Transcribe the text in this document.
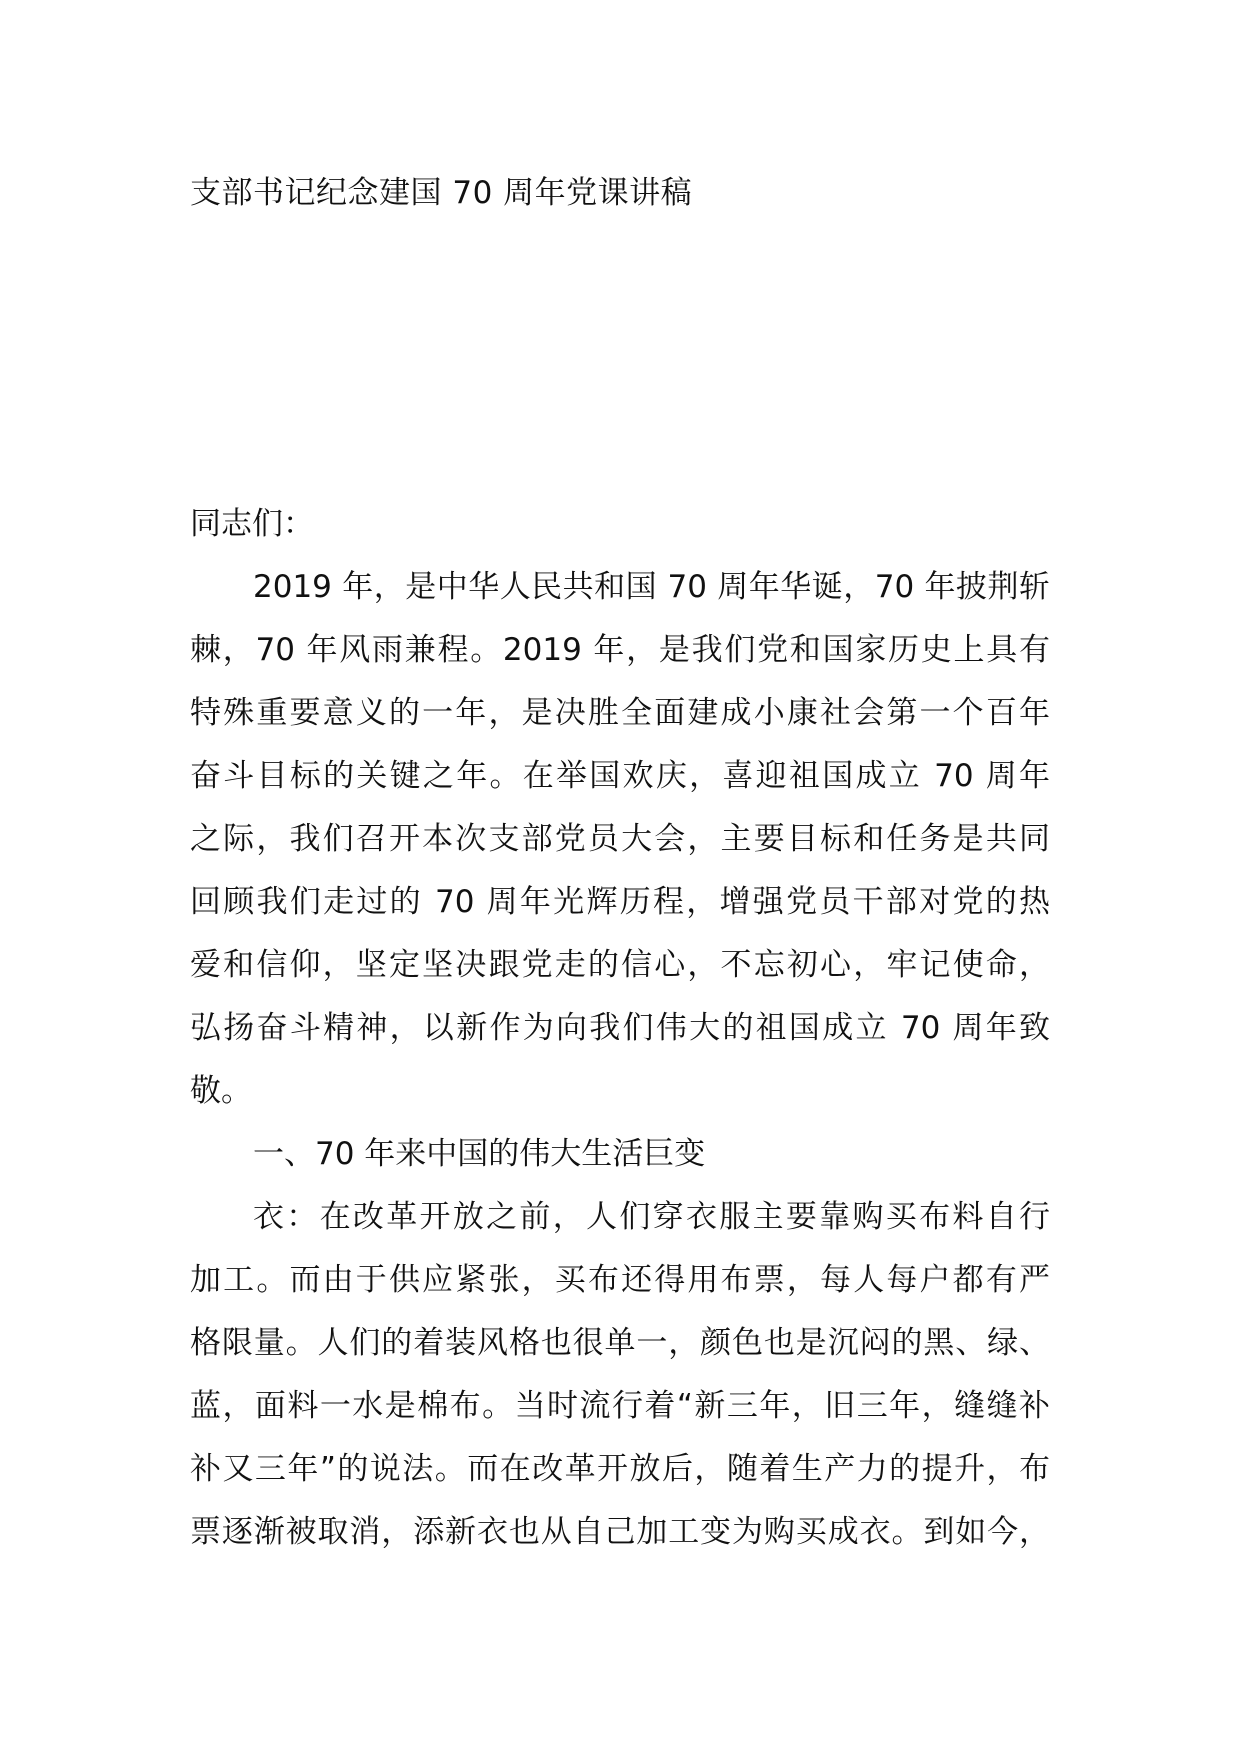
支部书记纪念建国 70 周年党课讲稿
同志们：
2019 年，是中华人民共和国 70 周年华诞，70 年披荆斩
棘，70 年风雨兼程。2019 年，是我们党和国家历史上具有
特殊重要意义的一年，是决胜全面建成小康社会第一个百年
奋斗目标的关键之年。在举国欢庆，喜迎祖国成立 70 周年
之际，我们召开本次支部党员大会，主要目标和任务是共同
回顾我们走过的 70 周年光辉历程，增强党员干部对党的热
爱和信仰，坚定坚决跟党走的信心，不忘初心，牢记使命，
弘扬奋斗精神，以新作为向我们伟大的祖国成立 70 周年致
敬。
一、70 年来中国的伟大生活巨变
衣：在改革开放之前，人们穿衣服主要靠购买布料自行
加工。而由于供应紧张，买布还得用布票，每人每户都有严
格限量。人们的着装风格也很单一，颜色也是沉闷的黑、绿、
蓝，面料一水是棉布。当时流行着“新三年，旧三年，缝缝补
补又三年”的说法。而在改革开放后，随着生产力的提升，布
票逐渐被取消，添新衣也从自己加工变为购买成衣。到如今，
